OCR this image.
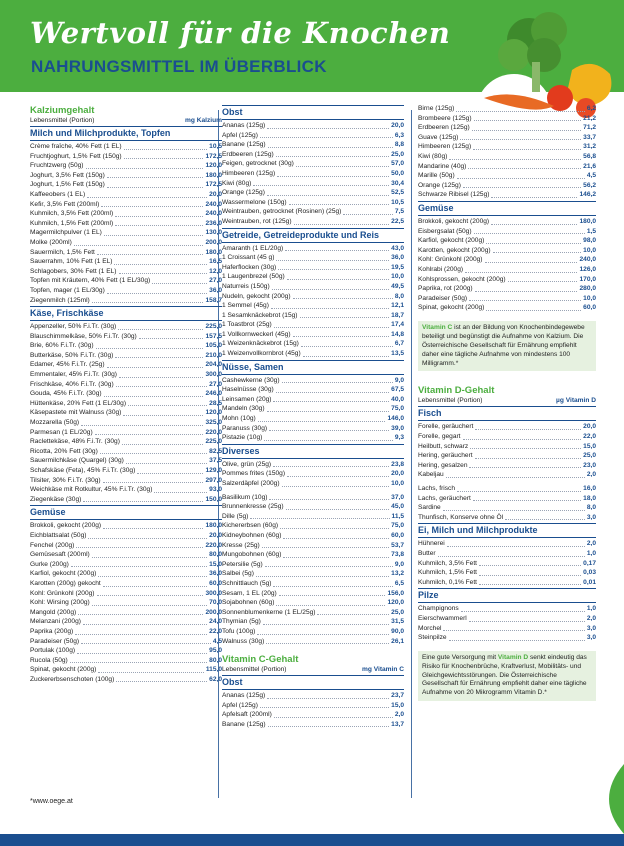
Wertvoll für die Knochen
NAHRUNGSMITTEL IM ÜBERBLICK
Kalziumgehalt
Lebensmittel (Portion)	mg Kalzium
Milch und Milchprodukte, Topfen
Crème fraîche, 40% Fett (1 EL)	10,5
Fruchtjoghurt, 1,5% Fett (150g)	172,5
Fruchtzwerg (50g)	120,0
Joghurt, 3,5% Fett (150g)	180,0
Joghurt, 1,5% Fett (150g)	172,5
Kaffeeobers (1 EL)	20,0
Kefir, 3,5% Fett (200ml)	240,0
Kuhmilch, 3,5% Fett (200ml)	240,0
Kuhmilch, 1,5% Fett (200ml)	236,0
Magermilchpulver (1 EL)	130,0
Molke (200ml)	200,0
Sauermilch, 1,5% Fett	180,0
Sauerrahm, 10% Fett (1 EL)	16,5
Schlagobers, 30% Fett (1 EL)	12,0
Topfen mit Kräutern, 40% Fett (1 EL/30g)	27,0
Topfen, mager (1 EL/30g)	36,0
Ziegenmilch (125ml)	158,7
Käse, Frischkäse
Appenzeller, 50% F.i.Tr. (30g)	225,0
Blauschimmelkäse, 50% F.i.Tr. (30g)	157,5
Brie, 60% F.i.Tr. (30g)	105,0
Butterkäse, 50% F.i.Tr. (30g)	210,0
Edamer, 45% F.i.Tr. (25g)	204,0
Emmentaler, 45% F.i.Tr. (30g)	300,0
Frischkäse, 40% F.i.Tr. (30g)	27,0
Gouda, 45% F.i.Tr. (30g)	246,0
Hüttenkäse, 20% Fett (1 EL/30g)	28,5
Käsepastete mit Walnuss (30g)	120,0
Mozzarella (50g)	325,0
Parmesan (1 EL/20g)	220,0
Raclettekäse, 48% F.i.Tr. (30g)	225,0
Ricotta, 20% Fett (30g)	82,5
Sauermilchkäse (Quargel) (30g)	37,5
Schafskäse (Feta), 45% F.i.Tr. (30g)	129,0
Tilsiter, 30% F.i.Tr. (30g)	297,0
Weichkäse mit Rotkultur, 45% F.i.Tr. (30g)	93,0
Ziegenkäse (30g)	150,0
Gemüse
Brokkoli, gekocht (200g)	180,0
Eichblattsalat (50g)	20,0
Fenchel (200g)	220,0
Gemüsesaft (200ml)	80,0
Gurke (200g)	15,0
Karfiol, gekocht (200g)	36,0
Karotten (200g) gekocht	60,0
Kohl: Grünkohl (200g)	300,0
Kohl: Wirsing (200g)	70,0
Mangold (200g)	200,0
Melanzani (200g)	24,0
Paprika (200g)	22,0
Paradeiser (50g)	4,5
Portulak (100g)	95,0
Rucola (50g)	80,0
Spinat, gekocht (200g)	115,0
Zuckererbsenschoten (100g)	62,0
Obst
Ananas (125g)	20,0
Apfel (125g)	6,3
Banane (125g)	8,8
Erdbeeren (125g)	25,0
Feigen, getrocknet (30g)	57,0
Himbeeren (125g)	50,0
Kiwi (80g)	30,4
Orange (125g)	52,5
Wassermelone (150g)	10,5
Weintrauben, getrocknet (Rosinen) (25g)	7,5
Weintrauben, rot (125g)	22,5
Getreide, Getreideprodukte und Reis
Amaranth (1 EL/20g)	43,0
1 Croissant (45 g)	36,0
Haferflocken (30g)	19,5
1 Laugenbrezel (50g)	10,0
Naturreis (150g)	49,5
Nudeln, gekocht (200g)	8,0
1 Semmel (45g)	12,1
1 Sesamknäckebrot (15g)	18,7
1 Toastbrot (25g)	17,4
1 Vollkornweckerl (45g)	14,8
1 Weizenknäckebrot (15g)	6,7
1 Weizenvollkornbrot (45g)	13,5
Nüsse, Samen
Cashewkerne (30g)	9,0
Haselnüsse (30g)	67,5
Leinsamen (20g)	40,0
Mandeln (30g)	75,0
Mohn (10g)	146,0
Paranuss (30g)	39,0
Pistazie (10g)	9,3
Diverses
Olive, grün (25g)	23,8
Pommes frites (150g)	20,0
Salzerdäpfel (200g)	10,0
Basilikum (10g)	37,0
Brunnenkresse (25g)	45,0
Dille (5g)	11,5
Kichererbsen (60g)	75,0
Kidneybohnen (60g)	60,0
Kresse (25g)	53,7
Mungobohnen (60g)	73,8
Petersilie (5g)	9,0
Salbei (5g)	13,2
Schnittlauch (5g)	6,5
Sesam, 1 EL (20g)	156,0
Sojabohnen (60g)	120,0
Sonnenblumenkerne (1 EL/25g)	25,0
Thymian (5g)	31,5
Tofu (100g)	90,0
Walnuss (30g)	26,1
Vitamin C-Gehalt
Lebensmittel (Portion)	mg Vitamin C
Obst
Ananas (125g)	23,7
Apfel (125g)	15,0
Apfelsaft (200ml)	2,0
Banane (125g)	13,7
Birne (125g)	6,2
Brombeere (125g)	21,2
Erdbeeren (125g)	71,2
Guave (125g)	33,7
Himbeeren (125g)	31,2
Kiwi (80g)	56,8
Mandarine (40g)	21,6
Marille (50g)	4,5
Orange (125g)	56,2
Schwarze Ribisel (125g)	146,2
Gemüse
Brokkoli, gekocht (200g)	180,0
Eisbergsalat (50g)	1,5
Karfiol, gekocht (200g)	98,0
Karotten, gekocht (200g)	10,0
Kohl: Grünkohl (200g)	240,0
Kohlrabi (200g)	126,0
Kohlsprossen, gekocht (200g)	170,0
Paprika, rot (200g)	280,0
Paradeiser (50g)	10,0
Spinat, gekocht (200g)	60,0
Vitamin C ist an der Bildung von Knochenbindegewebe beteiligt und begünstigt die Aufnahme von Kalzium. Die Österreichische Gesellschaft für Ernährung empfiehlt daher eine tägliche Aufnahme von mindestens 100 Milligramm.*
Vitamin D-Gehalt
Lebensmittel (Portion)	µg Vitamin D
Fisch
Forelle, geräuchert	20,0
Forelle, gegart	22,0
Heilbutt, schwarz	15,0
Hering, geräuchert	25,0
Hering, gesalzen	23,0
Kabeljau	2,0
Lachs, frisch	16,0
Lachs, geräuchert	18,0
Sardine	8,0
Thunfisch, Konserve ohne Öl	3,0
Ei, Milch und Milchprodukte
Hühnerei	2,0
Butter	1,0
Kuhmilch, 3,5% Fett	0,17
Kuhmilch, 1,5% Fett	0,03
Kuhmilch, 0,1% Fett	0,01
Pilze
Champignons	1,0
Eierschwammerl	2,0
Morchel	3,0
Steinpilze	3,0
Eine gute Versorgung mit Vitamin D senkt eindeutig das Risiko für Knochenbrüche, Kraftverlust, Mobilitäts- und Gleichgewichtsstörungen. Die Österreichische Gesellschaft für Ernährung empfiehlt daher eine tägliche Aufnahme von 20 Mikrogramm Vitamin D.*
*www.oege.at
